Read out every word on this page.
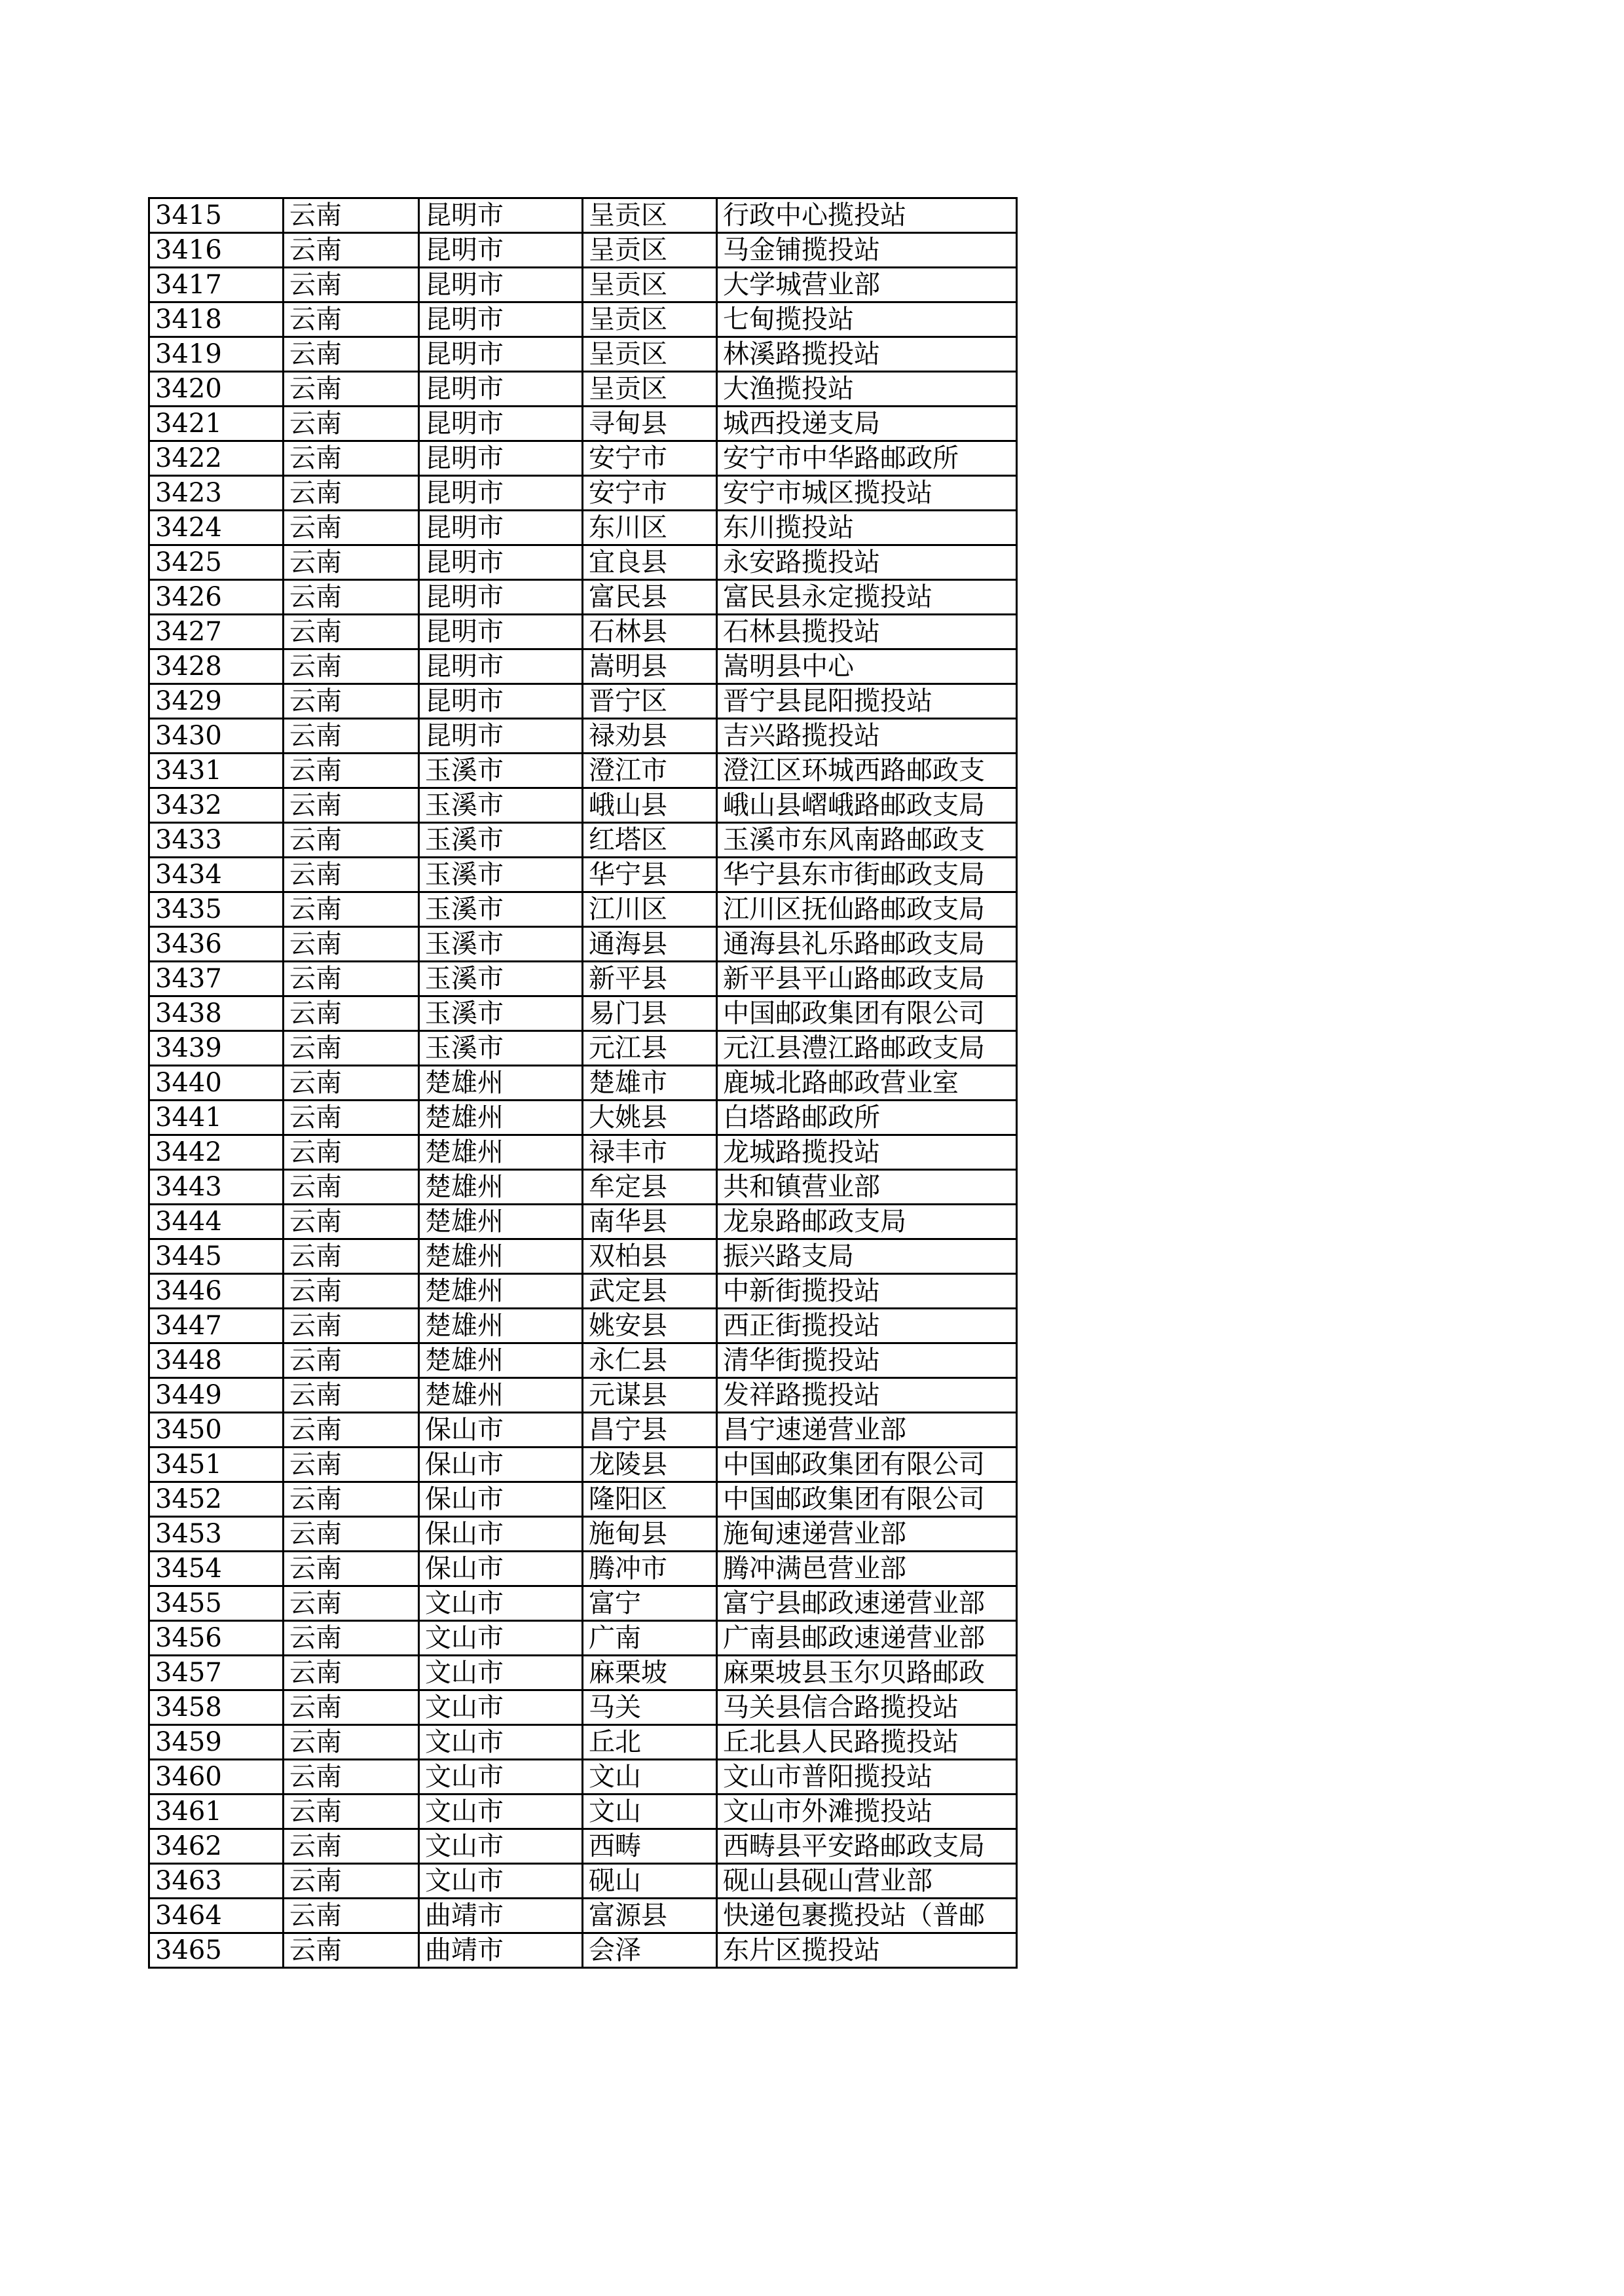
3415	云南	昆明市	呈贡区	行政中心揽投站
3416	云南	昆明市	呈贡区	马金铺揽投站
3417	云南	昆明市	呈贡区	大学城营业部
3418	云南	昆明市	呈贡区	七甸揽投站
3419	云南	昆明市	呈贡区	林溪路揽投站
3420	云南	昆明市	呈贡区	大渔揽投站
3421	云南	昆明市	寻甸县	城西投递支局
3422	云南	昆明市	安宁市	安宁市中华路邮政所
3423	云南	昆明市	安宁市	安宁市城区揽投站
3424	云南	昆明市	东川区	东川揽投站
3425	云南	昆明市	宜良县	永安路揽投站
3426	云南	昆明市	富民县	富民县永定揽投站
3427	云南	昆明市	石林县	石林县揽投站
3428	云南	昆明市	嵩明县	嵩明县中心
3429	云南	昆明市	晋宁区	晋宁县昆阳揽投站
3430	云南	昆明市	禄劝县	吉兴路揽投站
3431	云南	玉溪市	澄江市	澄江区环城西路邮政支
3432	云南	玉溪市	峨山县	峨山县嶍峨路邮政支局
3433	云南	玉溪市	红塔区	玉溪市东风南路邮政支
3434	云南	玉溪市	华宁县	华宁县东市街邮政支局
3435	云南	玉溪市	江川区	江川区抚仙路邮政支局
3436	云南	玉溪市	通海县	通海县礼乐路邮政支局
3437	云南	玉溪市	新平县	新平县平山路邮政支局
3438	云南	玉溪市	易门县	中国邮政集团有限公司
3439	云南	玉溪市	元江县	元江县澧江路邮政支局
3440	云南	楚雄州	楚雄市	鹿城北路邮政营业室
3441	云南	楚雄州	大姚县	白塔路邮政所
3442	云南	楚雄州	禄丰市	龙城路揽投站
3443	云南	楚雄州	牟定县	共和镇营业部
3444	云南	楚雄州	南华县	龙泉路邮政支局
3445	云南	楚雄州	双柏县	振兴路支局
3446	云南	楚雄州	武定县	中新街揽投站
3447	云南	楚雄州	姚安县	西正街揽投站
3448	云南	楚雄州	永仁县	清华街揽投站
3449	云南	楚雄州	元谋县	发祥路揽投站
3450	云南	保山市	昌宁县	昌宁速递营业部
3451	云南	保山市	龙陵县	中国邮政集团有限公司
3452	云南	保山市	隆阳区	中国邮政集团有限公司
3453	云南	保山市	施甸县	施甸速递营业部
3454	云南	保山市	腾冲市	腾冲满邑营业部
3455	云南	文山市	富宁	富宁县邮政速递营业部
3456	云南	文山市	广南	广南县邮政速递营业部
3457	云南	文山市	麻栗坡	麻栗坡县玉尔贝路邮政
3458	云南	文山市	马关	马关县信合路揽投站
3459	云南	文山市	丘北	丘北县人民路揽投站
3460	云南	文山市	文山	文山市普阳揽投站
3461	云南	文山市	文山	文山市外滩揽投站
3462	云南	文山市	西畴	西畴县平安路邮政支局
3463	云南	文山市	砚山	砚山县砚山营业部
3464	云南	曲靖市	富源县	快递包裹揽投站（普邮
3465	云南	曲靖市	会泽	东片区揽投站
